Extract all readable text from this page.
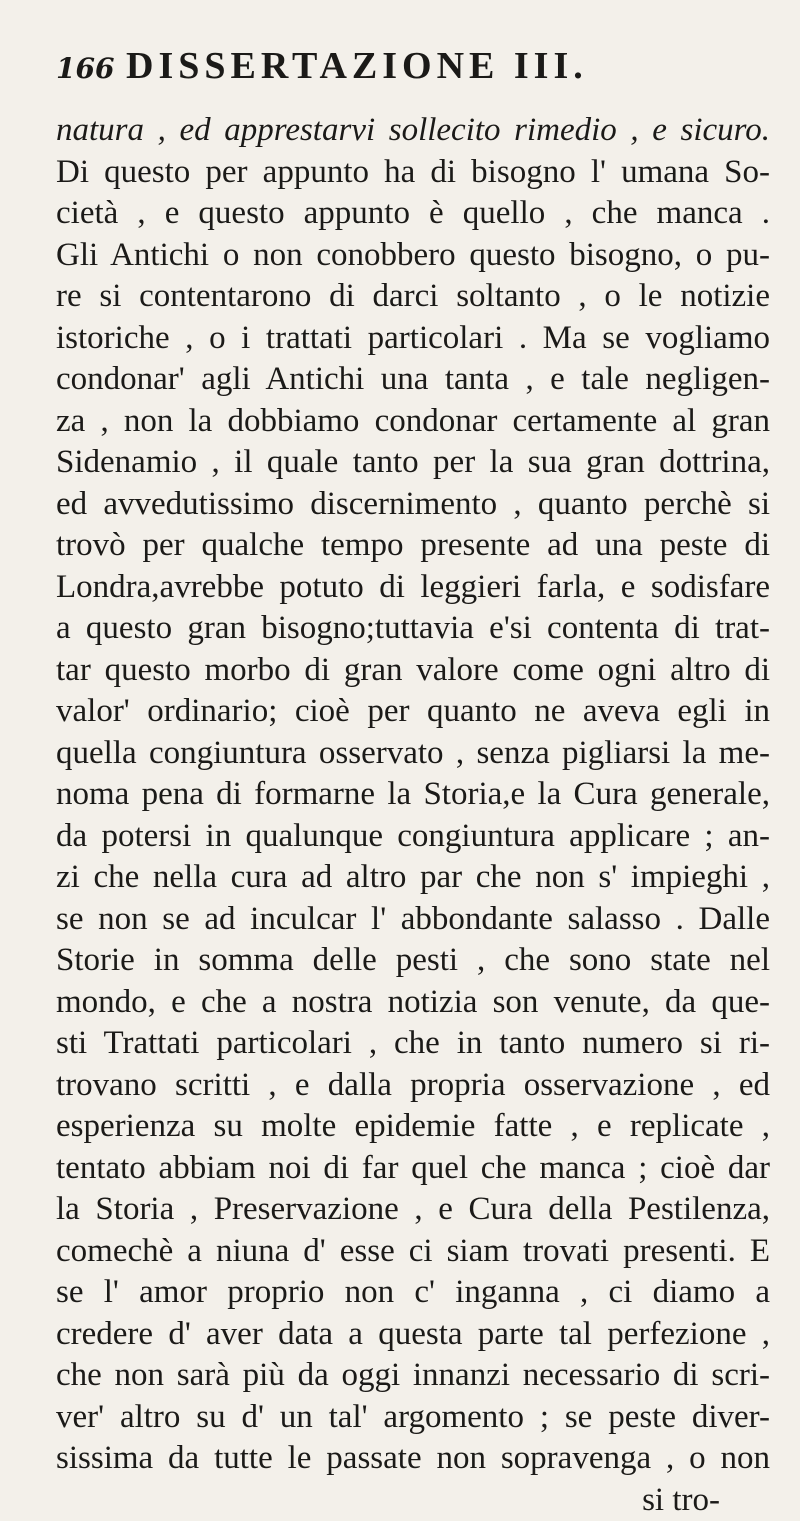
166 DISSERTAZIONE III.
natura , ed apprestarvi sollecito rimedio , e sicuro.
Di questo per appunto ha di bisogno l' umana So-
cietà , e questo appunto è quello , che manca .
Gli Antichi o non conobbero questo bisogno, o pu-
re si contentarono di darci soltanto , o le notizie
istoriche , o i trattati particolari . Ma se vogliamo
condonar' agli Antichi una tanta , e tale negligen-
za , non la dobbiamo condonar certamente al gran
Sidenamio , il quale tanto per la sua gran dottrina,
ed avvedutissimo discernimento , quanto perchè si
trovò per qualche tempo presente ad una peste di
Londra,avrebbe potuto di leggieri farla, e sodisfare
a questo gran bisogno;tuttavia e'si contenta di trat-
tar questo morbo di gran valore come ogni altro di
valor' ordinario; cioè per quanto ne aveva egli in
quella congiuntura osservato , senza pigliarsi la me-
noma pena di formarne la Storia,e la Cura generale,
da potersi in qualunque congiuntura applicare ; an-
zi che nella cura ad altro par che non s' impieghi ,
se non se ad inculcar l' abbondante salasso . Dalle
Storie in somma delle pesti , che sono state nel
mondo, e che a nostra notizia son venute, da que-
sti Trattati particolari , che in tanto numero si ri-
trovano scritti , e dalla propria osservazione , ed
esperienza su molte epidemie fatte , e replicate ,
tentato abbiam noi di far quel che manca ; cioè dar
la Storia , Preservazione , e Cura della Pestilenza,
comechè a niuna d' esse ci siam trovati presenti. E
se l' amor proprio non c' inganna , ci diamo a
credere d' aver data a questa parte tal perfezione ,
che non sarà più da oggi innanzi necessario di scri-
ver' altro su d' un tal' argomento ; se peste diver-
sissima da tutte le passate non sopravenga , o non
si tro-
